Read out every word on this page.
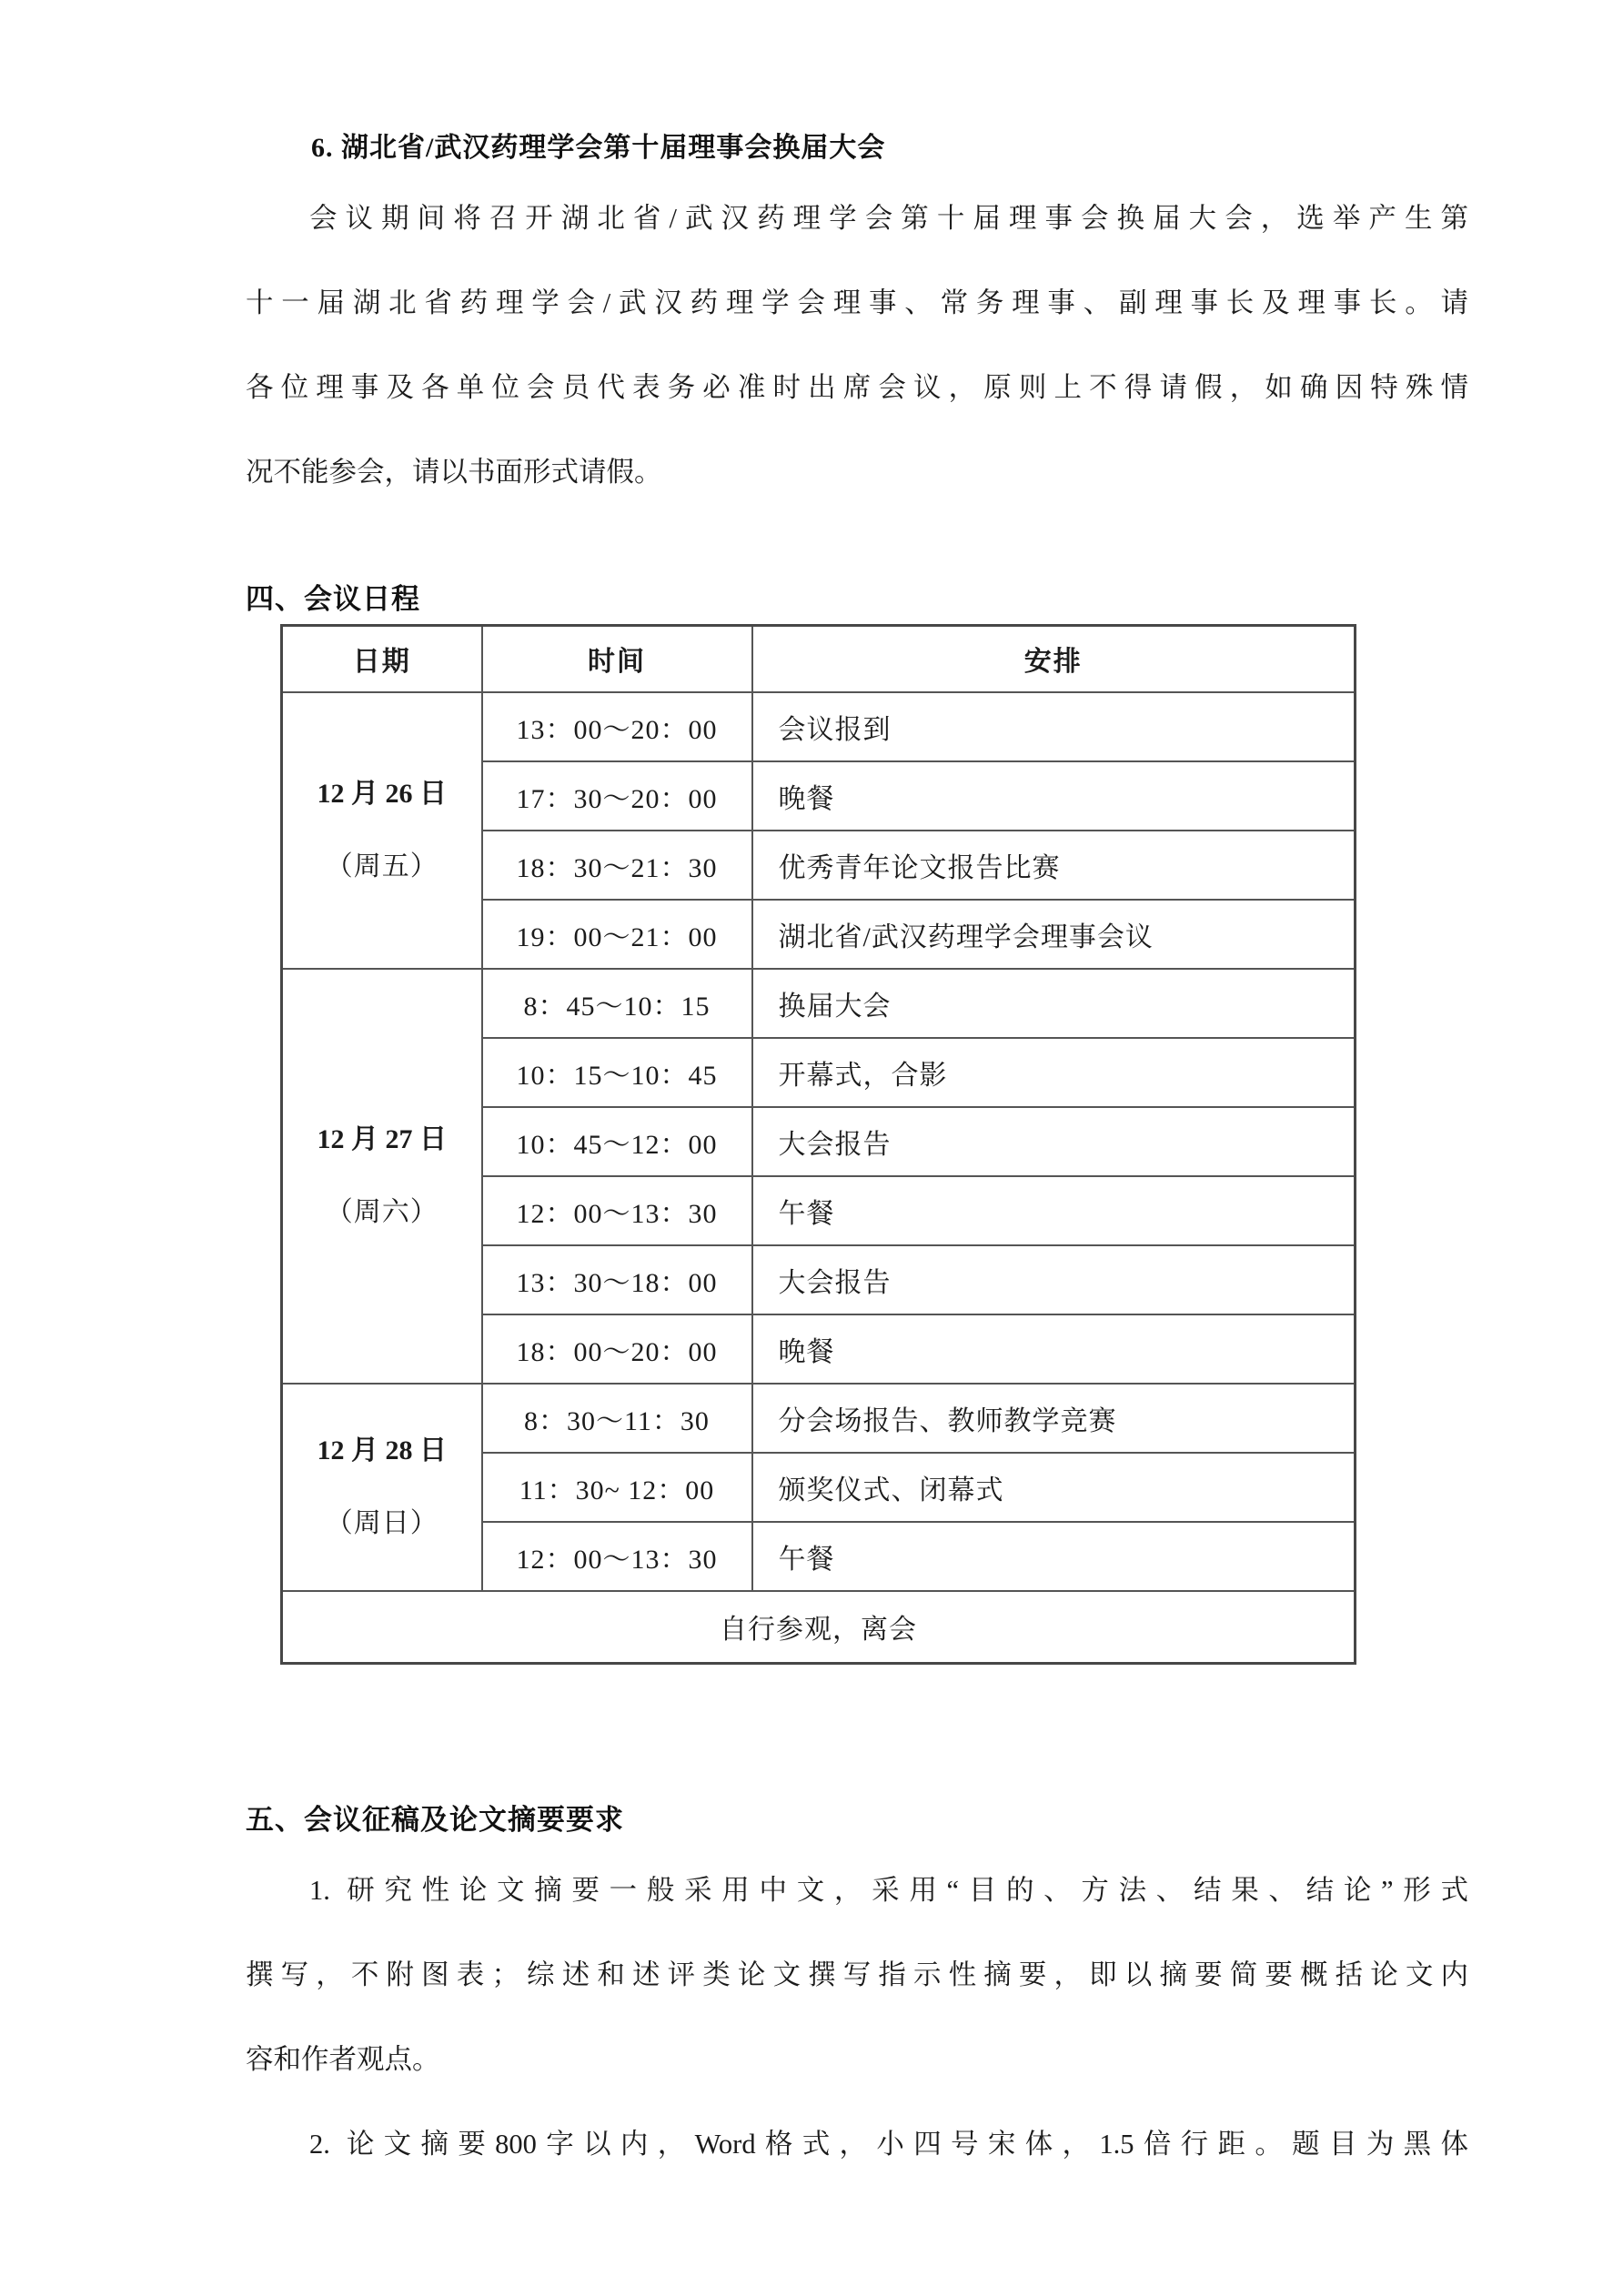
6. 湖北省/武汉药理学会第十届理事会换届大会
会议期间将召开湖北省/武汉药理学会第十届理事会换届大会，选举产生第
十一届湖北省药理学会/武汉药理学会理事、常务理事、副理事长及理事长。请
各位理事及各单位会员代表务必准时出席会议，原则上不得请假，如确因特殊情
况不能参会，请以书面形式请假。
四、会议日程
日期	时间	安排

12 月 26 日
（周五）	13：00～20：00	会议报到
	17：30～20：00	晚餐
	18：30～21：30	优秀青年论文报告比赛
	19：00～21：00	湖北省/武汉药理学会理事会议

12 月 27 日
（周六）	8：45～10：15	换届大会
	10：15～10：45	开幕式，合影
	10：45～12：00	大会报告
	12：00～13：30	午餐
	13：30～18：00	大会报告
	18：00～20：00	晚餐

12 月 28 日
（周日）	8：30～11：30	分会场报告、教师教学竞赛
	11：30~ 12：00	颁奖仪式、闭幕式
	12：00～13：30	午餐
自行参观，离会		
五、会议征稿及论文摘要要求
1. 研究性论文摘要一般采用中文，采用“目的、方法、结果、结论”形式
撰写，不附图表；综述和述评类论文撰写指示性摘要，即以摘要简要概括论文内
容和作者观点。
2. 论文摘要800字以内，Word格式，小四号宋体，1.5倍行距。题目为黑体
